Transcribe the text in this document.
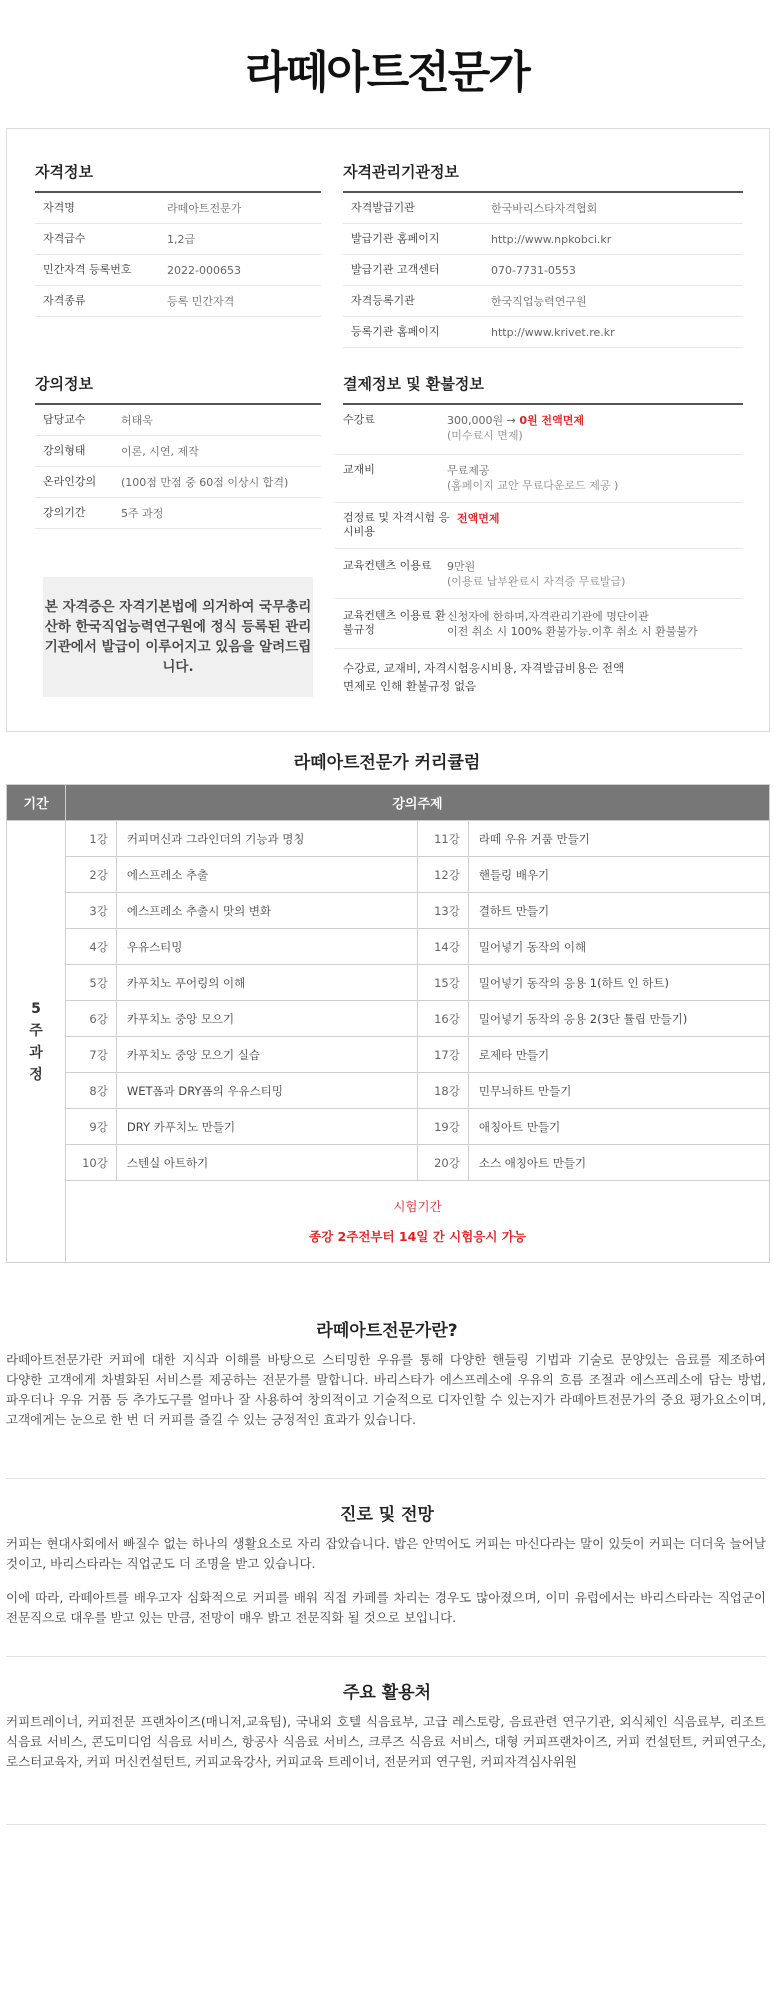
라떼아트전문가
자격정보
자격명	라떼아트전문가
자격급수	1,2급
민간자격 등록번호	2022-000653
자격종류	등록 민간자격
자격관리기관정보
자격발급기관	한국바리스타자격협회
발급기관 홈페이지	http://www.npkobci.kr
발급기관 고객센터	070-7731-0553
자격등록기관	한국직업능력연구원
등록기관 홈페이지	http://www.krivet.re.kr
강의정보
담당교수	허태욱
강의형태	이론, 시연, 제작
온라인강의 (100점 만점 중 60점 이상시 합격)
강의기간	5주 과정
본 자격증은 자격기본법에 의거하여 국무총리산하 한국직업능력연구원에 정식 등록된 관리기관에서 발급이 이루어지고 있음을 알려드립니다.
결제정보 및 환불정보
수강료	300,000원 → 0원 전액면제
(미수료시 면제)
교재비	무료제공
(홈페이지 교안 무료다운로드 제공 )
검정료 및 자격시험 응시비용
전액면제
교육컨텐츠 이용료 9만원
(이용료 납부완료시 자격증 무료발급)
교육컨텐츠 이용료 환불규정
신청자에 한하며,자격관리기관에 명단이관
이전 취소 시 100% 환불가능.이후 취소 시 환불불가
수강료, 교재비, 자격시험응시비용, 자격발급비용은 전액면제로 인해 환불규정 없음
라떼아트전문가 커리큘럼
기간	강의주제			
5주 과정	1강	커피머신과 그라인더의 기능과 명칭	11강	라떼 우유 거품 만들기
	2강	에스프레소 추출	12강	핸들링 배우기
	3강	에스프레소 추출시 맛의 변화	13강	결하트 만들기
	4강	우유스티밍	14강	밀어넣기 동작의 이해
	5강	카푸치노 푸어링의 이해	15강	밀어넣기 동작의 응용 1(하트 인 하트)
	6강	카푸치노 중앙 모으기	16강	밀어넣기 동작의 응용 2(3단 튤립 만들기)
	7강	카푸치노 중앙 모으기 실습	17강	로제타 만들기
	8강	WET폼과 DRY폼의 우유스티밍	18강	민무늬하트 만들기
	9강	DRY 카푸치노 만들기	19강	애칭아트 만들기
	10강	스텐실 아트하기	20강	소스 애칭아트 만들기

	시험기간
종강 2주전부터 14일 간 시험응시 가능			
라떼아트전문가란?
라떼아트전문가란 커피에 대한 지식과 이해를 바탕으로 스티밍한 우유를 통해 다양한 핸들링 기법과 기술로 문양있는 음료를 제조하여 다양한 고객에게 차별화된 서비스를 제공하는 전문가를 말합니다. 바리스타가 에스프레소에 우유의 흐름 조절과 에스프레소에 담는 방법, 파우더나 우유 거품 등 추가도구를 얼마나 잘 사용하여 창의적이고 기술적으로 디자인할 수 있는지가 라떼아트전문가의 중요 평가요소이며, 고객에게는 눈으로 한 번 더 커피를 즐길 수 있는 긍정적인 효과가 있습니다.
진로 및 전망
커피는 현대사회에서 빠질수 없는 하나의 생활요소로 자리 잡았습니다. 밥은 안먹어도 커피는 마신다라는 말이 있듯이 커피는 더더욱 늘어날 것이고, 바리스타라는 직업군도 더 조명을 받고 있습니다.
이에 따라, 라떼아트를 배우고자 심화적으로 커피를 배워 직접 카페를 차리는 경우도 많아졌으며, 이미 유럽에서는 바리스타라는 직업군이 전문직으로 대우를 받고 있는 만큼, 전망이 매우 밝고 전문직화 될 것으로 보입니다.
주요 활용처
커피트레이너, 커피전문 프랜차이즈(매니저,교육팀), 국내외 호텔 식음료부, 고급 레스토랑, 음료관련 연구기관, 외식체인 식음료부, 리조트 식음료 서비스, 콘도미디엄 식음료 서비스, 항공사 식음료 서비스, 크루즈 식음료 서비스, 대형 커피프랜차이즈, 커피 컨설턴트, 커피연구소, 로스터교육자, 커피 머신컨설턴트, 커피교육강사, 커피교육 트레이너, 전문커피 연구원, 커피자격심사위원
